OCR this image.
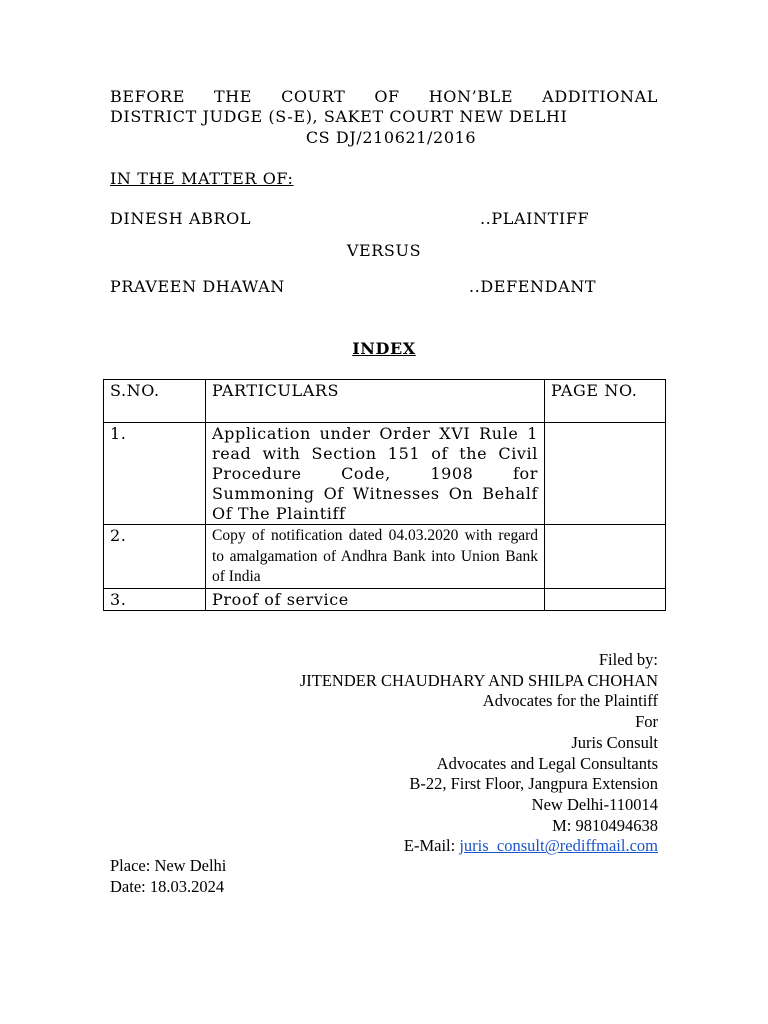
BEFORE THE COURT OF HON’BLE ADDITIONAL
DISTRICT JUDGE (S-E), SAKET COURT NEW DELHI
CS DJ/210621/2016
IN THE MATTER OF:
DINESH ABROL	..PLAINTIFF
VERSUS
PRAVEEN DHAWAN	..DEFENDANT
INDEX
S.NO.	PARTICULARS	PAGE NO.
1.	Application under Order XVI Rule 1 read with Section 151 of the Civil Procedure Code, 1908 for Summoning Of Witnesses On Behalf Of The Plaintiff	
2.	Copy of notification dated 04.03.2020 with regard to amalgamation of Andhra Bank into Union Bank of India	
3.	Proof of service	
Filed by:
JITENDER CHAUDHARY AND SHILPA CHOHAN
Advocates for the Plaintiff
For
Juris Consult
Advocates and Legal Consultants
B-22, First Floor, Jangpura Extension
New Delhi-110014
M: 9810494638
E-Mail: juris_consult@rediffmail.com
Place: New Delhi
Date: 18.03.2024
